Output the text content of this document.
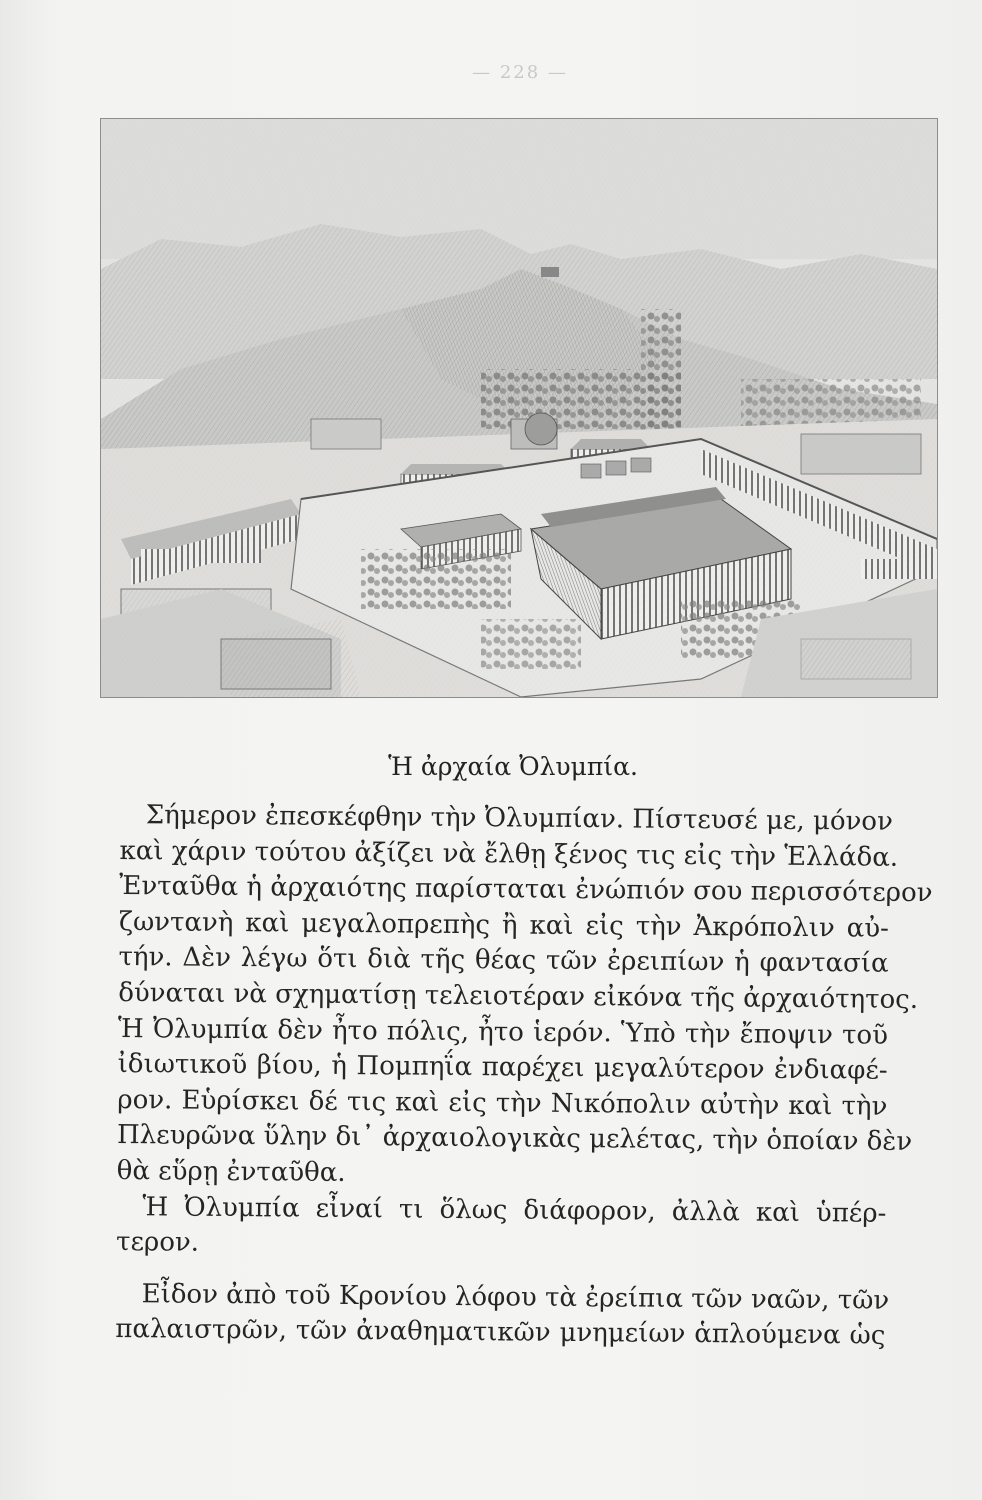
— 228 —
Ἡ ἀρχαία Ὀλυμπία.
Σήμερον ἐπεσκέφθην τὴν Ὀλυμπίαν. Πίστευσέ με, μόνον
καὶ χάριν τούτου ἀξίζει νὰ ἔλθῃ ξένος τις εἰς τὴν Ἑλλάδα.
Ἐνταῦθα ἡ ἀρχαιότης παρίσταται ἐνώπιόν σου περισσότερον
ζωντανὴ καὶ μεγαλοπρεπὴς ἢ καὶ εἰς τὴν Ἀκρόπολιν αὐ-
τήν. Δὲν λέγω ὅτι διὰ τῆς θέας τῶν ἐρειπίων ἡ φαντασία
δύναται νὰ σχηματίσῃ τελειοτέραν εἰκόνα τῆς ἀρχαιότητος.
Ἡ Ὀλυμπία δὲν ἦτο πόλις, ἦτο ἱερόν. Ὑπὸ τὴν ἔποψιν τοῦ
ἰδιωτικοῦ βίου, ἡ Πομπηΐα παρέχει μεγαλύτερον ἐνδιαφέ-
ρον. Εὑρίσκει δέ τις καὶ εἰς τὴν Νικόπολιν αὐτὴν καὶ τὴν
Πλευρῶνα ὕλην δι᾽ ἀρχαιολογικὰς μελέτας, τὴν ὁποίαν δὲν
θὰ εὕρῃ ἐνταῦθα.
Ἡ Ὀλυμπία εἶναί τι ὅλως διάφορον, ἀλλὰ καὶ ὑπέρ-
τερον.
Εἶδον ἀπὸ τοῦ Κρονίου λόφου τὰ ἐρείπια τῶν ναῶν, τῶν
παλαιστρῶν, τῶν ἀναθηματικῶν μνημείων ἁπλούμενα ὡς
